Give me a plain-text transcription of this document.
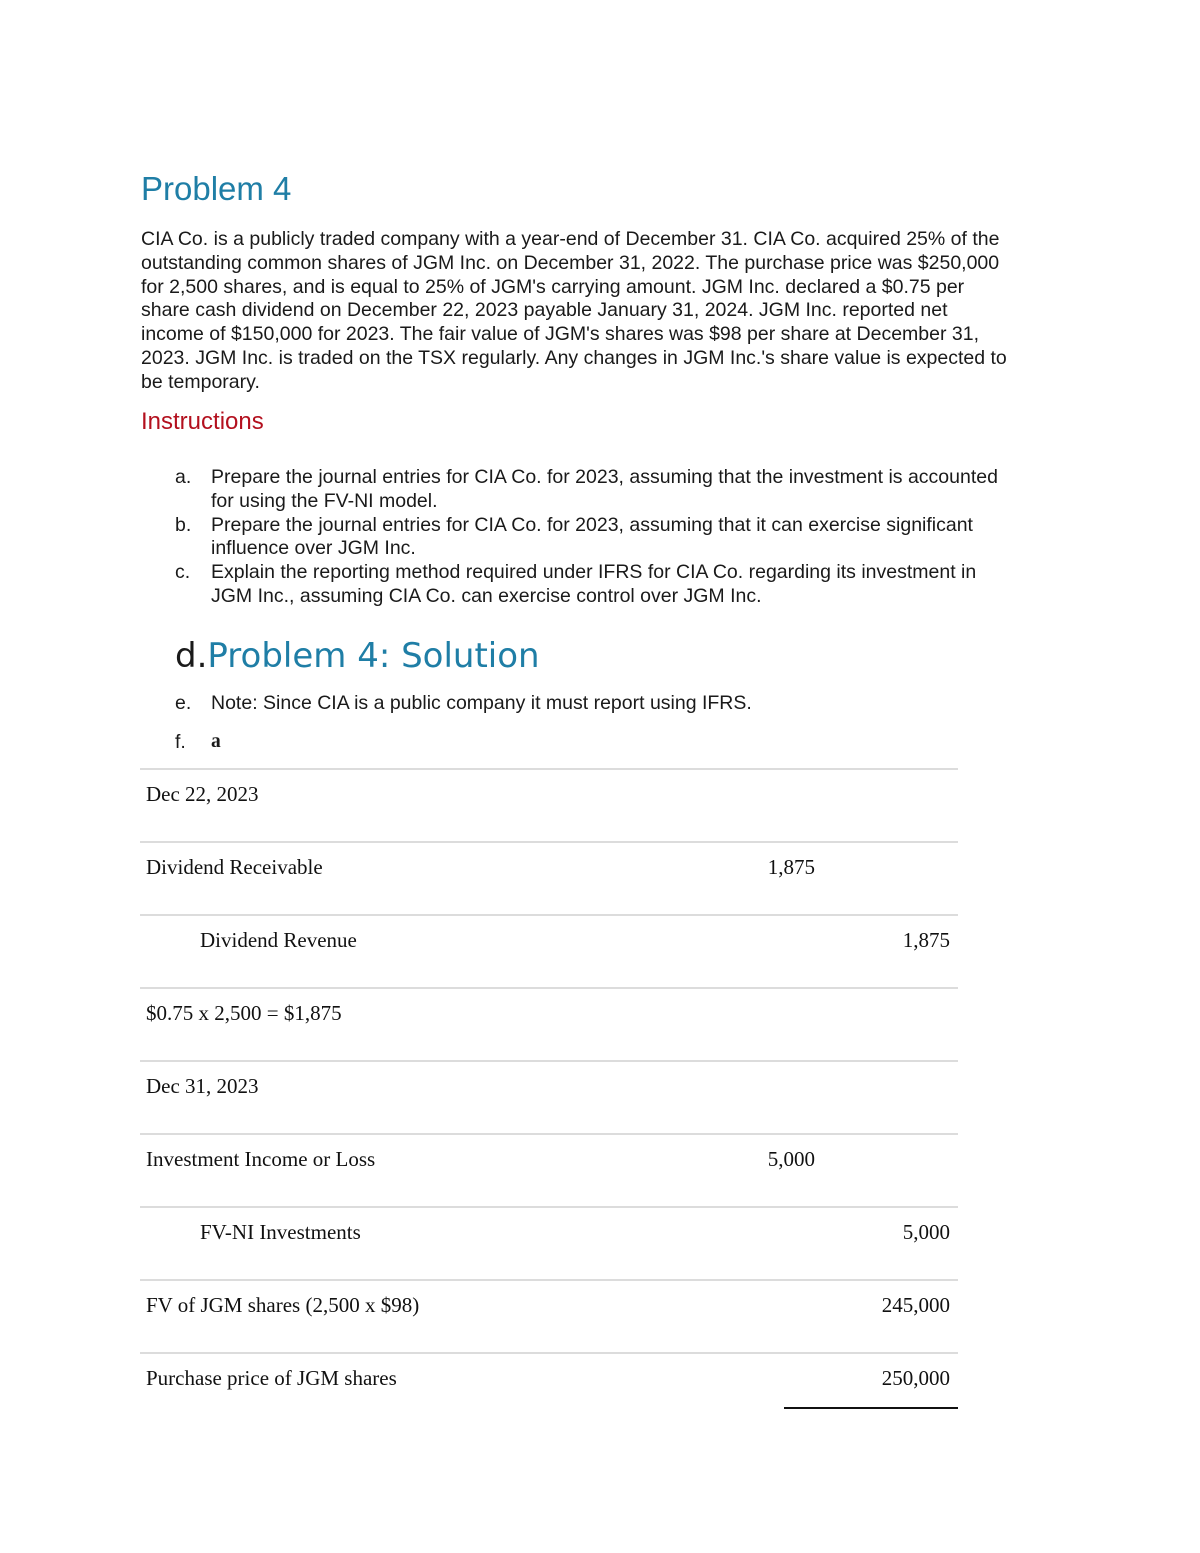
Problem 4
CIA Co. is a publicly traded company with a year-end of December 31. CIA Co. acquired 25% of the
outstanding common shares of JGM Inc. on December 31, 2022. The purchase price was $250,000
for 2,500 shares, and is equal to 25% of JGM's carrying amount. JGM Inc. declared a $0.75 per
share cash dividend on December 22, 2023 payable January 31, 2024. JGM Inc. reported net
income of $150,000 for 2023. The fair value of JGM's shares was $98 per share at December 31,
2023. JGM Inc. is traded on the TSX regularly. Any changes in JGM Inc.'s share value is expected to
be temporary.
Instructions
a.	Prepare the journal entries for CIA Co. for 2023, assuming that the investment is accounted
for using the FV-NI model.
b.	Prepare the journal entries for CIA Co. for 2023, assuming that it can exercise significant
influence over JGM Inc.
c.	Explain the reporting method required under IFRS for CIA Co. regarding its investment in
JGM Inc., assuming CIA Co. can exercise control over JGM Inc.
d.Problem 4: Solution
e.	Note: Since CIA is a public company it must report using IFRS.
f.	a
Dec 22, 2023
Dividend Receivable	1,875
Dividend Revenue	1,875
$0.75 x 2,500 = $1,875
Dec 31, 2023
Investment Income or Loss	5,000
FV-NI Investments	5,000
FV of JGM shares (2,500 x $98)	245,000
Purchase price of JGM shares	250,000
